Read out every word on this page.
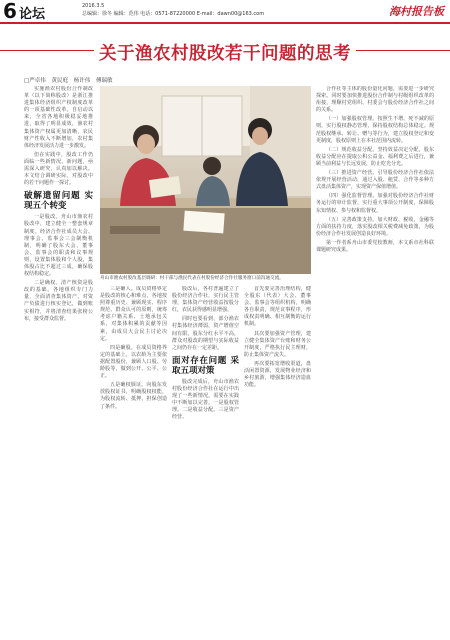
6 论坛
2016.3.5
总编辑：徐冬 编辑：范伟 电话：0571-87220000 E-mail：dawn00@163.com	海村报告板
关于渔农村股改若干问题的思考
□严卓伟 黄民庭 杨许伟 傅瑞敏

实施渔农村股份合作制改革（以下简称股改）是浙江推进集体经济组织产权制度改革的一项基础性改革。自启动以来，全省各地积极稳妥地推进，取得了明显成效，渔农村集体资产权属更加清晰，农民财产性收入不断增加，农村集体经济发展活力进一步激发。

但在实践中，股改工作仍面临一些新情况、新问题，亟需深入研究，认真加以解决。本文结合调研实际，对股改中的若干问题作一探讨。

破解遗留问题 实现五个转变

一是股改。舟山市渔农村股改中，建立健全一整套规章制度。经济合作社成员大会、理事会、监事会三会制衡机制，明确了股东大会、董事会、监事会的职责和议事规则，设置集体股和个人股，集体股占比不超过三成，确保股权结构稳定。

二是确权。清产核资是股改的基础。各地组织专门力量，全面清查集体资产，对资产负债进行核实登记，做到账实相符，并将清查结果张榜公布，接受群众监督。

舟山市渔农村股改基层调研：村干部与渔民代表在村股份经济合作社服务窗口前沟通交流。

三是确人。成员资格界定是股改的核心和难点，各地按照尊重历史、兼顾现实、程序规范、群众认可的原则，统筹考虑户籍关系、土地承包关系、对集体积累的贡献等因素，由成员大会民主讨论决定。

四是确股。在成员资格界定的基础上，以农龄为主要依据配置股份，兼顾人口股、劳龄股等，做到公开、公平、公正。

五是确权颁证。向股东发放股权证书，明确股权权能，为股权流转、抵押、担保创造了条件。

股改后，各村普遍建立了股份经济合作社，实行民主管理，集体资产经营收益按股分红，农民获得感明显增强。

同时也要看到，部分渔农村集体经济薄弱，资产增值空间有限，股东分红水平不高，群众对股改的期望与实际收益之间仍存在一定差距。

面对存在问题 采取五项对策

股改完成后，舟山市渔农村股份经济合作社在运行中出现了一些新情况，需要在实践中不断加以完善。一是股权管理。二是收益分配。三是资产经营。

首先要完善治理结构，健全股东（代表）大会、董事会、监事会等组织机构，明确各自职责，规范议事程序，形成权责明确、相互制衡的运行机制。

其次要加强资产管理，建立健全集体资产台账和财务公开制度，严格执行民主理财，防止集体资产流失。

再次要拓宽增收渠道，盘活闲置资源，发展物业经济和乡村旅游，增强集体经济造血功能。

合作社等主体的股份量化问题，需要进一步研究探索。同时要加快推进股份合作制与村级组织改革的衔接，理顺村党组织、村委会与股份经济合作社之间的关系。

（一）加强股权管理。按照生不增、死不减的原则，实行股权静态管理，保持股权结构总体稳定。规范股权继承、转让、赠与等行为，建立股权登记和变更制度，股权原则上在本社范围内流转。

（二）规范收益分配。坚持效益决定分配，股东收益分配应在提取公积公益金、福利费之后进行，兼顾当前利益与长远发展，防止吃光分光。

（三）推进资产经营。引导股份经济合作社依法依规开展经营活动，通过入股、租赁、合作等多种方式盘活集体资产，实现资产保值增值。

（四）强化监督管理。加强对股份经济合作社财务运行的审计监督，实行重大事项公开制度，保障股东知情权、参与权和监督权。

（五）完善政策支持。加大财政、税收、金融等方面的扶持力度，落实股改相关税费减免政策，为股份经济合作社发展创造良好环境。

第一作者系舟山市委党校教师，本文系市社科联课题研究成果。
